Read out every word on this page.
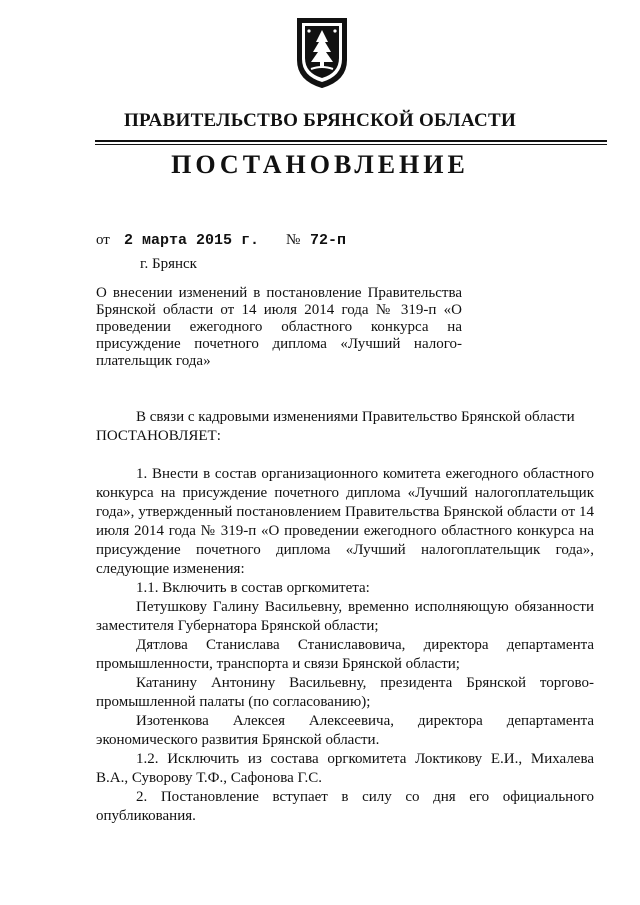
ПРАВИТЕЛЬСТВО БРЯНСКОЙ ОБЛАСТИ
ПОСТАНОВЛЕНИЕ
от 2 марта 2015 г. № 72-п
г. Брянск
О внесении изменений в постановление Правительства Брянской области от 14 июля 2014 года № 319-п «О проведении ежегодного областного конкурса на присуждение почетного диплома «Лучший налого-плательщик года»

В связи с кадровыми изменениями Правительство Брянской области

ПОСТАНОВЛЯЕТ:

1. Внести в состав организационного комитета ежегодного областного конкурса на присуждение почетного диплома «Лучший налогоплательщик года», утвержденный постановлением Правительства Брянской области от 14 июля 2014 года № 319-п «О проведении ежегодного областного конкурса на присуждение почетного диплома «Лучший налогоплательщик года», следующие изменения:

1.1. Включить в состав оргкомитета:

Петушкову Галину Васильевну, временно исполняющую обязанности заместителя Губернатора Брянской области;

Дятлова Станислава Станиславовича, директора департамента промышленности, транспорта и связи Брянской области;

Катанину Антонину Васильевну, президента Брянской торгово-промышленной палаты (по согласованию);

Изотенкова Алексея Алексеевича, директора департамента экономического развития Брянской области.

1.2. Исключить из состава оргкомитета Локтикову Е.И., Михалева В.А., Суворову Т.Ф., Сафонова Г.С.

2. Постановление вступает в силу со дня его официального опубликования.
